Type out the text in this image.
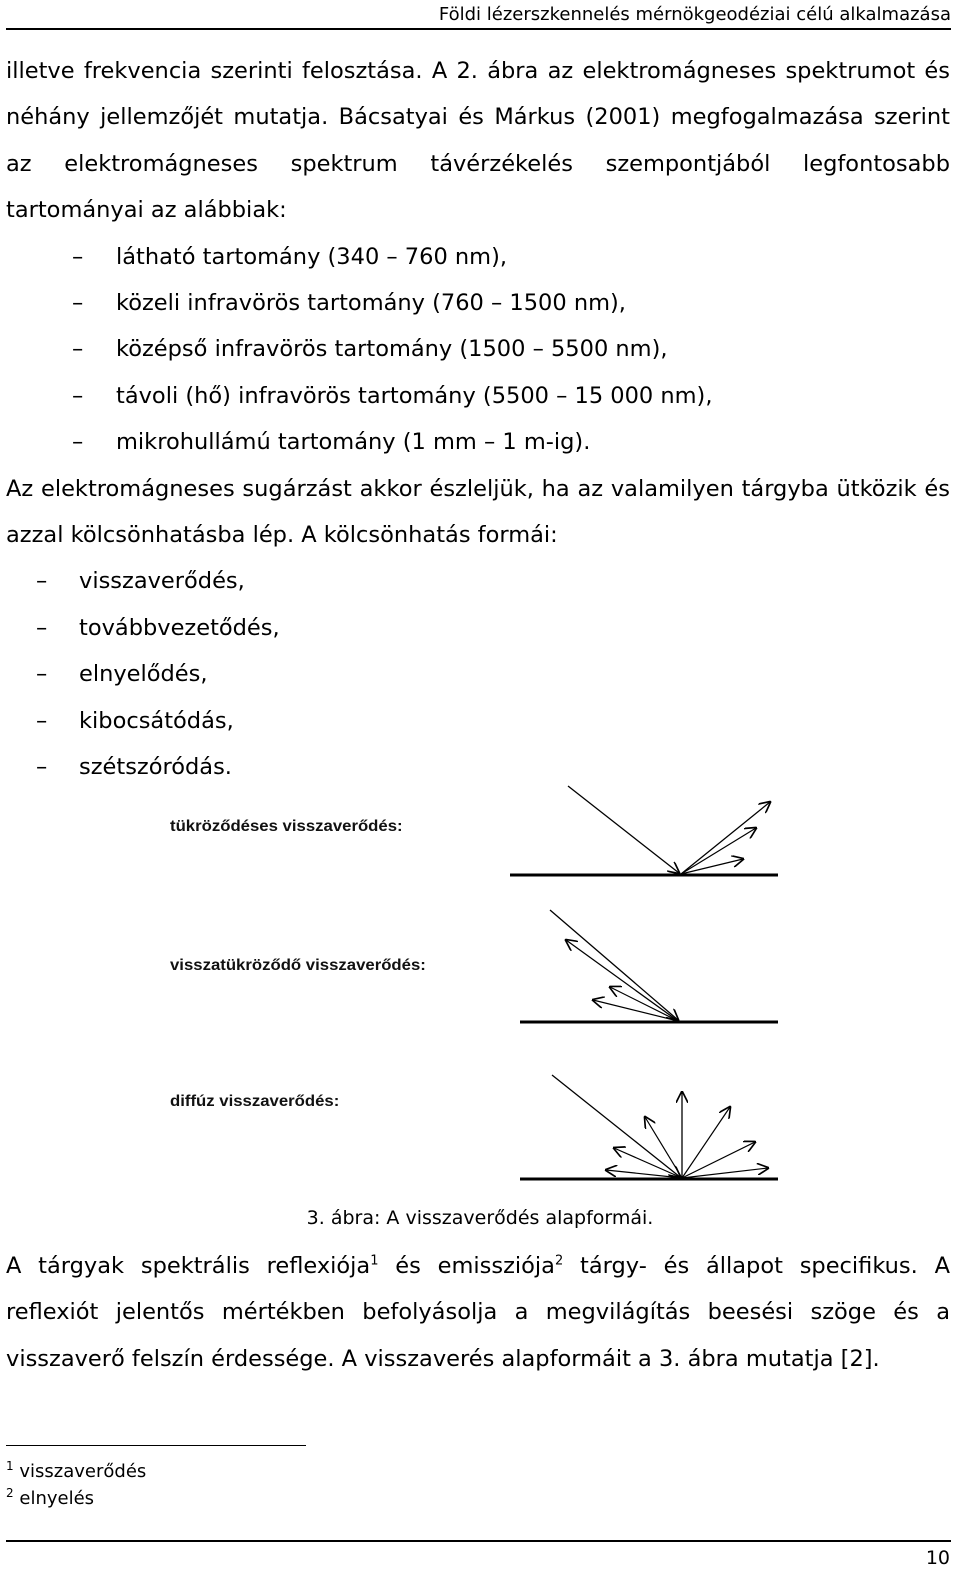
Földi lézerszkennelés mérnökgeodéziai célú alkalmazása

illetve frekvencia szerinti felosztása. A 2. ábra az elektromágneses spektrumot és néhány jellemzőjét mutatja. Bácsatyai és Márkus (2001) megfogalmazása szerint az elektromágneses spektrum távérzékelés szempontjából legfontosabb tartományai az alábbiak:

– látható tartomány (340 – 760 nm),
– közeli infravörös tartomány (760 – 1500 nm),
– középső infravörös tartomány (1500 – 5500 nm),
– távoli (hő) infravörös tartomány (5500 – 15 000 nm),
– mikrohullámú tartomány (1 mm – 1 m-ig).

Az elektromágneses sugárzást akkor észleljük, ha az valamilyen tárgyba ütközik és azzal kölcsönhatásba lép. A kölcsönhatás formái:

– visszaverődés,
– továbbvezetődés,
– elnyelődés,
– kibocsátódás,
– szétszóródás.
tükröződéses visszaverődés:
visszatükröződő visszaverődés:
diffúz visszaverődés:
3. ábra: A visszaverődés alapformái.

A tárgyak spektrális reflexiója$^1$ és emissziója$^2$ tárgy- és állapot specifikus. A reflexiót jelentős mértékben befolyásolja a megvilágítás beesési szöge és a visszaverő felszín érdessége. A visszaverés alapformáit a 3. ábra mutatja [2].

$^1$ visszaverődés
$^2$ elnyelés
10
